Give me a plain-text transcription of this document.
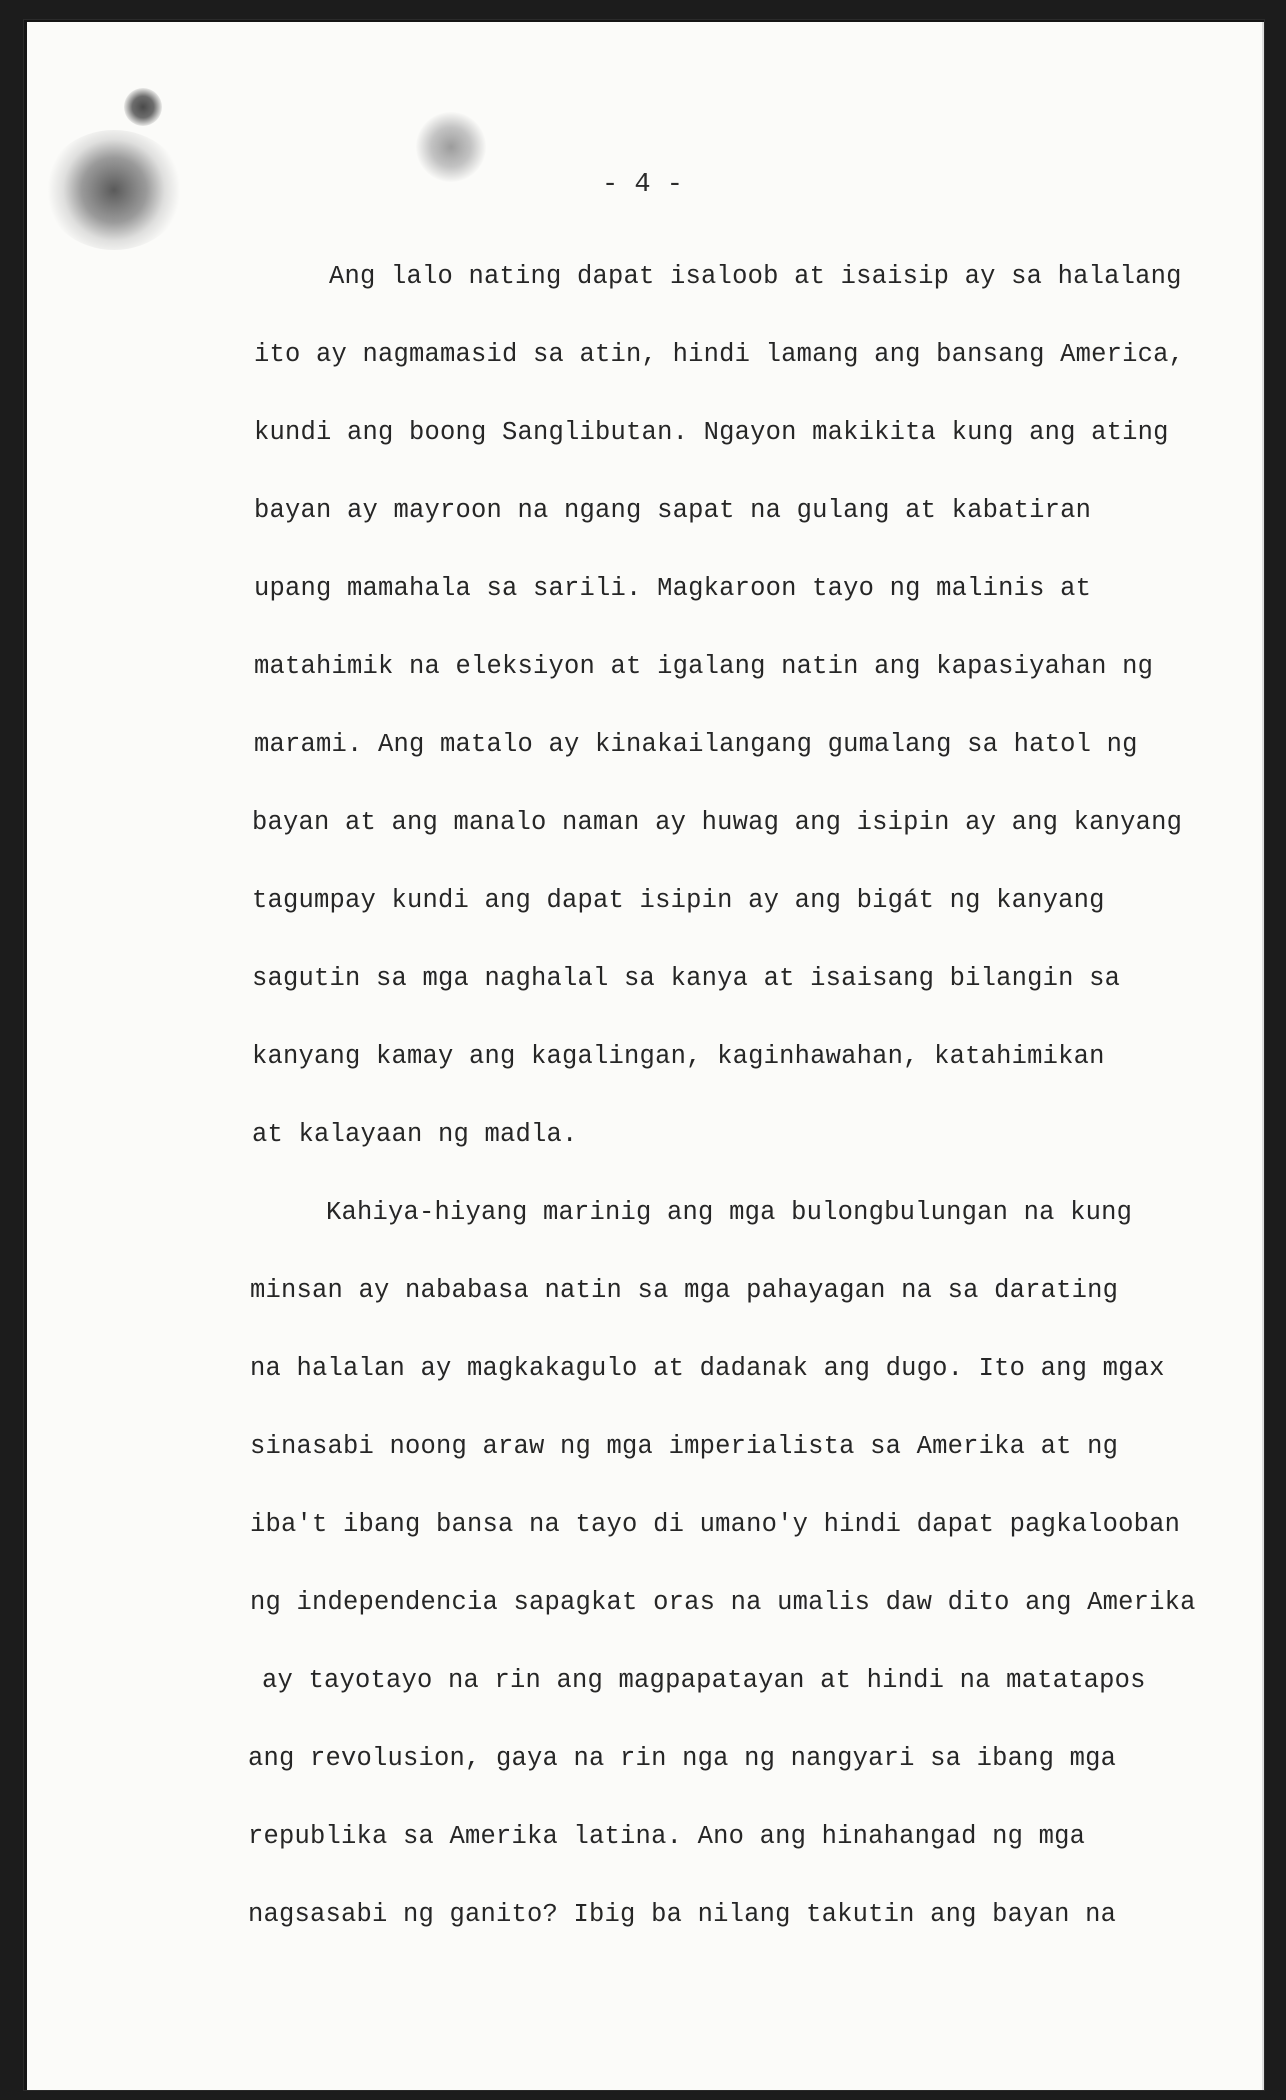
- 4 -
Ang lalo nating dapat isaloob at isaisip ay sa halalang
ito ay nagmamasid sa atin, hindi lamang ang bansang America,
kundi ang boong Sanglibutan. Ngayon makikita kung ang ating
bayan ay mayroon na ngang sapat na gulang at kabatiran
upang mamahala sa sarili. Magkaroon tayo ng malinis at
matahimik na eleksiyon at igalang natin ang kapasiyahan ng
marami. Ang matalo ay kinakailangang gumalang sa hatol ng
bayan at ang manalo naman ay huwag ang isipin ay ang kanyang
tagumpay kundi ang dapat isipin ay ang bigát ng kanyang
sagutin sa mga naghalal sa kanya at isaisang bilangin sa
kanyang kamay ang kagalingan, kaginhawahan, katahimikan
at kalayaan ng madla.
Kahiya-hiyang marinig ang mga bulongbulungan na kung
minsan ay nababasa natin sa mga pahayagan na sa darating
na halalan ay magkakagulo at dadanak ang dugo. Ito ang mgax
sinasabi noong araw ng mga imperialista sa Amerika at ng
iba't ibang bansa na tayo di umano'y hindi dapat pagkalooban
ng independencia sapagkat oras na umalis daw dito ang Amerika
ay tayotayo na rin ang magpapatayan at hindi na matatapos
ang revolusion, gaya na rin nga ng nangyari sa ibang mga
republika sa Amerika latina. Ano ang hinahangad ng mga
nagsasabi ng ganito? Ibig ba nilang takutin ang bayan na
